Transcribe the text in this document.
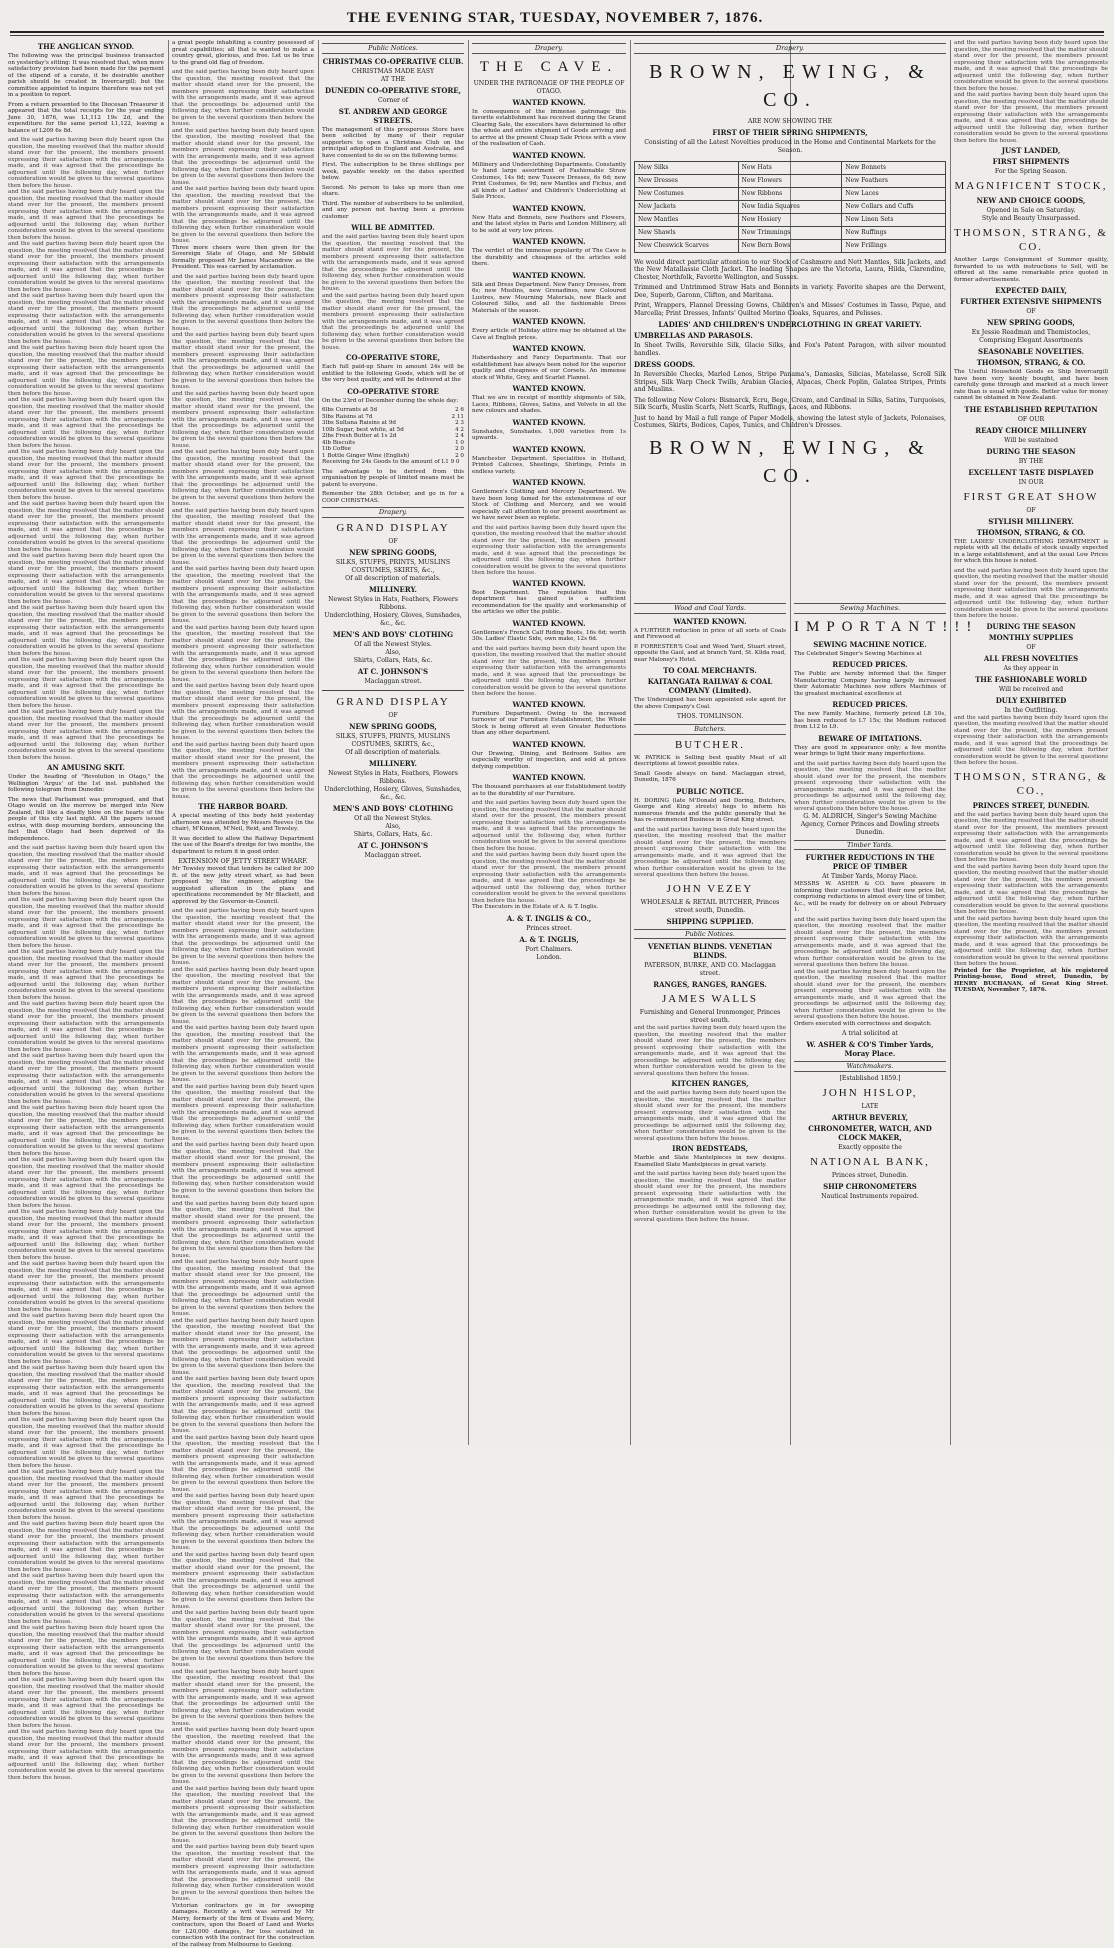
THE EVENING STAR, TUESDAY, NOVEMBER 7, 1876.
THE ANGLICAN SYNOD.

The following was the principal business transacted on yesterday's sitting: It was resolved that, when more satisfactory provision had been made for the payment of the stipend of a curate, it be desirable another parish should be created in Invercargill; but the committee appointed to inquire therefore was not yet in a position to report.

From a return presented to the Diocesan Treasurer it appeared that the total receipts for the year ending June 30, 1876, was L1,112 19s 2d, and the expenditure for the same period L1,122, leaving a balance of L209 6s 8d.

and the said parties having been duly heard upon the question, the meeting resolved that the matter should stand over for the present, the members present expressing their satisfaction with the arrangements made, and it was agreed that the proceedings be adjourned until the following day, when further consideration would be given to the several questions then before the house.

and the said parties having been duly heard upon the question, the meeting resolved that the matter should stand over for the present, the members present expressing their satisfaction with the arrangements made, and it was agreed that the proceedings be adjourned until the following day, when further consideration would be given to the several questions then before the house.

and the said parties having been duly heard upon the question, the meeting resolved that the matter should stand over for the present, the members present expressing their satisfaction with the arrangements made, and it was agreed that the proceedings be adjourned until the following day, when further consideration would be given to the several questions then before the house.

and the said parties having been duly heard upon the question, the meeting resolved that the matter should stand over for the present, the members present expressing their satisfaction with the arrangements made, and it was agreed that the proceedings be adjourned until the following day, when further consideration would be given to the several questions then before the house.

and the said parties having been duly heard upon the question, the meeting resolved that the matter should stand over for the present, the members present expressing their satisfaction with the arrangements made, and it was agreed that the proceedings be adjourned until the following day, when further consideration would be given to the several questions then before the house.

and the said parties having been duly heard upon the question, the meeting resolved that the matter should stand over for the present, the members present expressing their satisfaction with the arrangements made, and it was agreed that the proceedings be adjourned until the following day, when further consideration would be given to the several questions then before the house.

and the said parties having been duly heard upon the question, the meeting resolved that the matter should stand over for the present, the members present expressing their satisfaction with the arrangements made, and it was agreed that the proceedings be adjourned until the following day, when further consideration would be given to the several questions then before the house.

and the said parties having been duly heard upon the question, the meeting resolved that the matter should stand over for the present, the members present expressing their satisfaction with the arrangements made, and it was agreed that the proceedings be adjourned until the following day, when further consideration would be given to the several questions then before the house.

and the said parties having been duly heard upon the question, the meeting resolved that the matter should stand over for the present, the members present expressing their satisfaction with the arrangements made, and it was agreed that the proceedings be adjourned until the following day, when further consideration would be given to the several questions then before the house.

and the said parties having been duly heard upon the question, the meeting resolved that the matter should stand over for the present, the members present expressing their satisfaction with the arrangements made, and it was agreed that the proceedings be adjourned until the following day, when further consideration would be given to the several questions then before the house.

and the said parties having been duly heard upon the question, the meeting resolved that the matter should stand over for the present, the members present expressing their satisfaction with the arrangements made, and it was agreed that the proceedings be adjourned until the following day, when further consideration would be given to the several questions then before the house.

and the said parties having been duly heard upon the question, the meeting resolved that the matter should stand over for the present, the members present expressing their satisfaction with the arrangements made, and it was agreed that the proceedings be adjourned until the following day, when further consideration would be given to the several questions then before the house.

AN AMUSING SKIT.

Under the heading of "Revolution in Otago," the Wellington 'Argus' of the 1st inst. published the following telegram from Dunedin:

The news that Parliament was prorogued, and that Otago would on the morrow be merged into New Zealand, fell like a deadly blow on the hearts of the people of this city last night. All the papers issued extras, with deep mourning borders, announcing the fact that Otago had been deprived of its independence.

and the said parties having been duly heard upon the question, the meeting resolved that the matter should stand over for the present, the members present expressing their satisfaction with the arrangements made, and it was agreed that the proceedings be adjourned until the following day, when further consideration would be given to the several questions then before the house.

and the said parties having been duly heard upon the question, the meeting resolved that the matter should stand over for the present, the members present expressing their satisfaction with the arrangements made, and it was agreed that the proceedings be adjourned until the following day, when further consideration would be given to the several questions then before the house.

and the said parties having been duly heard upon the question, the meeting resolved that the matter should stand over for the present, the members present expressing their satisfaction with the arrangements made, and it was agreed that the proceedings be adjourned until the following day, when further consideration would be given to the several questions then before the house.

and the said parties having been duly heard upon the question, the meeting resolved that the matter should stand over for the present, the members present expressing their satisfaction with the arrangements made, and it was agreed that the proceedings be adjourned until the following day, when further consideration would be given to the several questions then before the house.

and the said parties having been duly heard upon the question, the meeting resolved that the matter should stand over for the present, the members present expressing their satisfaction with the arrangements made, and it was agreed that the proceedings be adjourned until the following day, when further consideration would be given to the several questions then before the house.

and the said parties having been duly heard upon the question, the meeting resolved that the matter should stand over for the present, the members present expressing their satisfaction with the arrangements made, and it was agreed that the proceedings be adjourned until the following day, when further consideration would be given to the several questions then before the house.

and the said parties having been duly heard upon the question, the meeting resolved that the matter should stand over for the present, the members present expressing their satisfaction with the arrangements made, and it was agreed that the proceedings be adjourned until the following day, when further consideration would be given to the several questions then before the house.

and the said parties having been duly heard upon the question, the meeting resolved that the matter should stand over for the present, the members present expressing their satisfaction with the arrangements made, and it was agreed that the proceedings be adjourned until the following day, when further consideration would be given to the several questions then before the house.

and the said parties having been duly heard upon the question, the meeting resolved that the matter should stand over for the present, the members present expressing their satisfaction with the arrangements made, and it was agreed that the proceedings be adjourned until the following day, when further consideration would be given to the several questions then before the house.

and the said parties having been duly heard upon the question, the meeting resolved that the matter should stand over for the present, the members present expressing their satisfaction with the arrangements made, and it was agreed that the proceedings be adjourned until the following day, when further consideration would be given to the several questions then before the house.

and the said parties having been duly heard upon the question, the meeting resolved that the matter should stand over for the present, the members present expressing their satisfaction with the arrangements made, and it was agreed that the proceedings be adjourned until the following day, when further consideration would be given to the several questions then before the house.

and the said parties having been duly heard upon the question, the meeting resolved that the matter should stand over for the present, the members present expressing their satisfaction with the arrangements made, and it was agreed that the proceedings be adjourned until the following day, when further consideration would be given to the several questions then before the house.

and the said parties having been duly heard upon the question, the meeting resolved that the matter should stand over for the present, the members present expressing their satisfaction with the arrangements made, and it was agreed that the proceedings be adjourned until the following day, when further consideration would be given to the several questions then before the house.

and the said parties having been duly heard upon the question, the meeting resolved that the matter should stand over for the present, the members present expressing their satisfaction with the arrangements made, and it was agreed that the proceedings be adjourned until the following day, when further consideration would be given to the several questions then before the house.

and the said parties having been duly heard upon the question, the meeting resolved that the matter should stand over for the present, the members present expressing their satisfaction with the arrangements made, and it was agreed that the proceedings be adjourned until the following day, when further consideration would be given to the several questions then before the house.

and the said parties having been duly heard upon the question, the meeting resolved that the matter should stand over for the present, the members present expressing their satisfaction with the arrangements made, and it was agreed that the proceedings be adjourned until the following day, when further consideration would be given to the several questions then before the house.

and the said parties having been duly heard upon the question, the meeting resolved that the matter should stand over for the present, the members present expressing their satisfaction with the arrangements made, and it was agreed that the proceedings be adjourned until the following day, when further consideration would be given to the several questions then before the house.

and the said parties having been duly heard upon the question, the meeting resolved that the matter should stand over for the present, the members present expressing their satisfaction with the arrangements made, and it was agreed that the proceedings be adjourned until the following day, when further consideration would be given to the several questions then before the house.

a great people inhabiting a country possessed of great capabilities; all that is wanted to make a country great, glorious, and free. Let us be true to the grand old flag of freedom.

and the said parties having been duly heard upon the question, the meeting resolved that the matter should stand over for the present, the members present expressing their satisfaction with the arrangements made, and it was agreed that the proceedings be adjourned until the following day, when further consideration would be given to the several questions then before the house.

and the said parties having been duly heard upon the question, the meeting resolved that the matter should stand over for the present, the members present expressing their satisfaction with the arrangements made, and it was agreed that the proceedings be adjourned until the following day, when further consideration would be given to the several questions then before the house.

and the said parties having been duly heard upon the question, the meeting resolved that the matter should stand over for the present, the members present expressing their satisfaction with the arrangements made, and it was agreed that the proceedings be adjourned until the following day, when further consideration would be given to the several questions then before the house.

Three more cheers were then given for the Sovereign State of Otago, and Mr Sibbald formally proposed Mr James Macandrew as the President. This was carried by acclamation.

and the said parties having been duly heard upon the question, the meeting resolved that the matter should stand over for the present, the members present expressing their satisfaction with the arrangements made, and it was agreed that the proceedings be adjourned until the following day, when further consideration would be given to the several questions then before the house.

and the said parties having been duly heard upon the question, the meeting resolved that the matter should stand over for the present, the members present expressing their satisfaction with the arrangements made, and it was agreed that the proceedings be adjourned until the following day, when further consideration would be given to the several questions then before the house.

and the said parties having been duly heard upon the question, the meeting resolved that the matter should stand over for the present, the members present expressing their satisfaction with the arrangements made, and it was agreed that the proceedings be adjourned until the following day, when further consideration would be given to the several questions then before the house.

and the said parties having been duly heard upon the question, the meeting resolved that the matter should stand over for the present, the members present expressing their satisfaction with the arrangements made, and it was agreed that the proceedings be adjourned until the following day, when further consideration would be given to the several questions then before the house.

and the said parties having been duly heard upon the question, the meeting resolved that the matter should stand over for the present, the members present expressing their satisfaction with the arrangements made, and it was agreed that the proceedings be adjourned until the following day, when further consideration would be given to the several questions then before the house.

and the said parties having been duly heard upon the question, the meeting resolved that the matter should stand over for the present, the members present expressing their satisfaction with the arrangements made, and it was agreed that the proceedings be adjourned until the following day, when further consideration would be given to the several questions then before the house.

and the said parties having been duly heard upon the question, the meeting resolved that the matter should stand over for the present, the members present expressing their satisfaction with the arrangements made, and it was agreed that the proceedings be adjourned until the following day, when further consideration would be given to the several questions then before the house.

and the said parties having been duly heard upon the question, the meeting resolved that the matter should stand over for the present, the members present expressing their satisfaction with the arrangements made, and it was agreed that the proceedings be adjourned until the following day, when further consideration would be given to the several questions then before the house.

and the said parties having been duly heard upon the question, the meeting resolved that the matter should stand over for the present, the members present expressing their satisfaction with the arrangements made, and it was agreed that the proceedings be adjourned until the following day, when further consideration would be given to the several questions then before the house.

THE HARBOR BOARD.

A special meeting of this body held yesterday afternoon was attended by Messrs Reeves (in the chair), M'Kinnon, M'Neil, Reid, and Tewsley.

It was decided to allow the Railway Department the use of the Board's dredge for two months, the department to return it in good order.

EXTENSION OF JETTY STREET WHARF.

Mr Tewsley moved that tenders be called for 300 ft. of the new jetty street wharf, as had been proposed by the engineer, adopting the suggested alteration in the plans and specifications recommended by Mr Blackett, and approved by the Governor-in-Council.

and the said parties having been duly heard upon the question, the meeting resolved that the matter should stand over for the present, the members present expressing their satisfaction with the arrangements made, and it was agreed that the proceedings be adjourned until the following day, when further consideration would be given to the several questions then before the house.

and the said parties having been duly heard upon the question, the meeting resolved that the matter should stand over for the present, the members present expressing their satisfaction with the arrangements made, and it was agreed that the proceedings be adjourned until the following day, when further consideration would be given to the several questions then before the house.

and the said parties having been duly heard upon the question, the meeting resolved that the matter should stand over for the present, the members present expressing their satisfaction with the arrangements made, and it was agreed that the proceedings be adjourned until the following day, when further consideration would be given to the several questions then before the house.

and the said parties having been duly heard upon the question, the meeting resolved that the matter should stand over for the present, the members present expressing their satisfaction with the arrangements made, and it was agreed that the proceedings be adjourned until the following day, when further consideration would be given to the several questions then before the house.

and the said parties having been duly heard upon the question, the meeting resolved that the matter should stand over for the present, the members present expressing their satisfaction with the arrangements made, and it was agreed that the proceedings be adjourned until the following day, when further consideration would be given to the several questions then before the house.

and the said parties having been duly heard upon the question, the meeting resolved that the matter should stand over for the present, the members present expressing their satisfaction with the arrangements made, and it was agreed that the proceedings be adjourned until the following day, when further consideration would be given to the several questions then before the house.

and the said parties having been duly heard upon the question, the meeting resolved that the matter should stand over for the present, the members present expressing their satisfaction with the arrangements made, and it was agreed that the proceedings be adjourned until the following day, when further consideration would be given to the several questions then before the house.

and the said parties having been duly heard upon the question, the meeting resolved that the matter should stand over for the present, the members present expressing their satisfaction with the arrangements made, and it was agreed that the proceedings be adjourned until the following day, when further consideration would be given to the several questions then before the house.

and the said parties having been duly heard upon the question, the meeting resolved that the matter should stand over for the present, the members present expressing their satisfaction with the arrangements made, and it was agreed that the proceedings be adjourned until the following day, when further consideration would be given to the several questions then before the house.

and the said parties having been duly heard upon the question, the meeting resolved that the matter should stand over for the present, the members present expressing their satisfaction with the arrangements made, and it was agreed that the proceedings be adjourned until the following day, when further consideration would be given to the several questions then before the house.

and the said parties having been duly heard upon the question, the meeting resolved that the matter should stand over for the present, the members present expressing their satisfaction with the arrangements made, and it was agreed that the proceedings be adjourned until the following day, when further consideration would be given to the several questions then before the house.

and the said parties having been duly heard upon the question, the meeting resolved that the matter should stand over for the present, the members present expressing their satisfaction with the arrangements made, and it was agreed that the proceedings be adjourned until the following day, when further consideration would be given to the several questions then before the house.

and the said parties having been duly heard upon the question, the meeting resolved that the matter should stand over for the present, the members present expressing their satisfaction with the arrangements made, and it was agreed that the proceedings be adjourned until the following day, when further consideration would be given to the several questions then before the house.

and the said parties having been duly heard upon the question, the meeting resolved that the matter should stand over for the present, the members present expressing their satisfaction with the arrangements made, and it was agreed that the proceedings be adjourned until the following day, when further consideration would be given to the several questions then before the house.

and the said parties having been duly heard upon the question, the meeting resolved that the matter should stand over for the present, the members present expressing their satisfaction with the arrangements made, and it was agreed that the proceedings be adjourned until the following day, when further consideration would be given to the several questions then before the house.

and the said parties having been duly heard upon the question, the meeting resolved that the matter should stand over for the present, the members present expressing their satisfaction with the arrangements made, and it was agreed that the proceedings be adjourned until the following day, when further consideration would be given to the several questions then before the house.

and the said parties having been duly heard upon the question, the meeting resolved that the matter should stand over for the present, the members present expressing their satisfaction with the arrangements made, and it was agreed that the proceedings be adjourned until the following day, when further consideration would be given to the several questions then before the house.

Victorian contractors go in for sweeping damages. Recently a writ was served by Mr Merry, formerly of the firm of Evans and Merry, contractors, upon the Board of Land and Works for L20,000 damages, for loss sustained in connection with the contract for the construction of the railway from Melbourne to Geelong.

Public Notices.
CHRISTMAS CO-OPERATIVE CLUB.
CHRISTMAS MADE EASY
AT THE
DUNEDIN CO-OPERATIVE STORE,
Corner of
ST. ANDREW AND GEORGE STREETS.

The management of this prosperous Store have been solicited by many of their regular supporters to open a Christmas Club on the principal adopted in England and Australia, and have consented to do so on the following terms:

First. The subscription to be three shillings per week, payable weekly on the dates specified below.

Second. No person to take up more than one share.

Third. The number of subscribers to be unlimited, and any person not having been a previous customer

WILL BE ADMITTED.

and the said parties having been duly heard upon the question, the meeting resolved that the matter should stand over for the present, the members present expressing their satisfaction with the arrangements made, and it was agreed that the proceedings be adjourned until the following day, when further consideration would be given to the several questions then before the house.

and the said parties having been duly heard upon the question, the meeting resolved that the matter should stand over for the present, the members present expressing their satisfaction with the arrangements made, and it was agreed that the proceedings be adjourned until the following day, when further consideration would be given to the several questions then before the house.

CO-OPERATIVE STORE,

Each full paid-up Share in amount 24s will be entitled to the following Goods, which will be of the very best quality, and will be delivered at the

CO-OPERATIVE STORE

On the 23rd of December during the whole day:

6lbs Currants at 5d	2 6
5lbs Raisins at 7d	2 11
3lbs Sultana Raisins at 9d	2 3
10lb Sugar, best white, at 5d	4 2
2lbs Fresh Butter at 1s 2d	2 4
4lb Biscuits	1 0
1lb Coffee	2 0
1 Bottle Ginger Wine (English)	2 0

Receiving for 24s Goods to the amount of L1 9 0

The advantage to be derived from this organisation by people of limited means must be patent to everyone.

Remember the 28th October, and go in for a COOP CHRISTMAS.

Drapery.
GRAND DISPLAY
OF
NEW SPRING GOODS,
SILKS, STUFFS, PRINTS, MUSLINS COSTUMES, SKIRTS, &c.,
Of all description of materials.
MILLINERY.
Newest Styles in Hats, Feathers, Flowers Ribbons.
Underclothing, Hosiery, Gloves, Sunshades, &c., &c.
MEN'S AND BOYS' CLOTHING
Of all the Newest Styles.
Also,
Shirts, Collars, Hats, &c.
AT C. JOHNSON'S
Maclaggan street.
GRAND DISPLAY
OF
NEW SPRING GOODS,
SILKS, STUFFS, PRINTS, MUSLINS COSTUMES, SKIRTS, &c.,
Of all description of materials.
MILLINERY.
Newest Styles in Hats, Feathers, Flowers Ribbons.
Underclothing, Hosiery, Gloves, Sunshades, &c., &c.
MEN'S AND BOYS' CLOTHING
Of all the Newest Styles.
Also,
Shirts, Collars, Hats, &c.
AT C. JOHNSON'S
Maclaggan street.
Drapery.
THE CAVE.
UNDER THE PATRONAGE OF THE PEOPLE OF OTAGO.
WANTED KNOWN.

In consequence of the immense patronage this favorite establishment has received during the Grand Clearing Sale, the executors have determined to offer the whole and entire shipment of Goods arriving and to arrive at the present Cheap Sale Prices with a view of the realisation of Cash.

WANTED KNOWN.

Millinery and Underclothing Departments. Constantly to hand large assortment of Fashionable Straw Costumes, 14s 6d; new Tussore Dresses, 6s 6d; new Print Costumes, 6s 9d; new Mantles and Fichus, and all kinds of Ladies' and Children's Underclothing at Sale Prices.

WANTED KNOWN.

New Hats and Bonnets, new Feathers and Flowers, and the latest styles in Paris and London Millinery, all to be sold at very low prices.

WANTED KNOWN.

The verdict of the immense popularity of The Cave is the durability and cheapness of the articles sold there.

WANTED KNOWN.

Silk and Dress Department. New Fancy Dresses, from 6s; new Muslins, new Grenadines, new Coloured Lustres, new Mourning Materials, new Black and Coloured Silks, and all the fashionable Dress Materials of the season.

WANTED KNOWN.

Every article of Holiday attire may be obtained at the Cave at English prices.

WANTED KNOWN.

Haberdashery and Fancy Departments. That our establishment has always been noted for the superior quality and cheapness of our Corsets. An immense stock of White, Grey, and Scarlet Flannel.

WANTED KNOWN.

That we are in receipt of monthly shipments of Silk, Laces, Ribbons, Gloves, Satins, and Velvets in all the new colours and shades.

WANTED KNOWN.

Sunshades, Sunshades. 1,000 varieties from 1s upwards.

WANTED KNOWN.

Manchester Department. Specialities in Holland, Printed Calicoes, Sheetings, Shirtings, Prints in endless variety.

WANTED KNOWN.

Gentlemen's Clothing and Mercery Department. We have been long famed for the extensiveness of our Stock of Clothing and Mercery, and we would especially call attention to our present assortment as we have never been so replete.

and the said parties having been duly heard upon the question, the meeting resolved that the matter should stand over for the present, the members present expressing their satisfaction with the arrangements made, and it was agreed that the proceedings be adjourned until the following day, when further consideration would be given to the several questions then before the house.

WANTED KNOWN.

Boot Department. The reputation that this department has gained is a sufficient recommendation for the quality and workmanship of the articles we offer the public.

WANTED KNOWN.

Gentlemen's French Calf Riding Boots, 16s 6d; worth 30s. Ladies' Elastic Side, own make, 12s 6d.

and the said parties having been duly heard upon the question, the meeting resolved that the matter should stand over for the present, the members present expressing their satisfaction with the arrangements made, and it was agreed that the proceedings be adjourned until the following day, when further consideration would be given to the several questions then before the house.

WANTED KNOWN.

Furniture Department. Owing to the increased turnover of our Furniture Establishment, the Whole Stock is being offered at even Greater Reductions than any other department.

WANTED KNOWN.

Our Drawing, Dining, and Bedroom Suites are especially worthy of inspection, and sold at prices defying competition.

WANTED KNOWN.

The thousand purchasers at our Establishment testify as to the durability of our Furniture.

and the said parties having been duly heard upon the question, the meeting resolved that the matter should stand over for the present, the members present expressing their satisfaction with the arrangements made, and it was agreed that the proceedings be adjourned until the following day, when further consideration would be given to the several questions then before the house.

and the said parties having been duly heard upon the question, the meeting resolved that the matter should stand over for the present, the members present expressing their satisfaction with the arrangements made, and it was agreed that the proceedings be adjourned until the following day, when further consideration would be given to the several questions then before the house.

The Executors in the Estate of A. & T. Inglis.

A. & T. INGLIS & CO.,
Princes street.
A. & T. INGLIS,
Port Chalmers.
London.
Drapery.
BROWN, EWING, & CO.
ARE NOW SHOWING THE
FIRST OF THEIR SPRING SHIPMENTS,
Consisting of all the Latest Novelties produced in the Home and Continental Markets for the Season.
New Silks	New Hats	New Bonnets
New Dresses	New Flowers	New Feathers
New Costumes	New Ribbons	New Laces
New Jackets	New India Squares	New Collars and Cuffs
New Mantles	New Hosiery	New Linen Sets
New Shawls	New Trimmings	New Ruffings
New Cheswick Scarves	New Bern Bows	New Frillings

We would direct particular attention to our Stock of Cashmere and Nett Mantles, Silk Jackets, and the New Matallassie Cloth Jacket. The leading Shapes are the Victoria, Laura, Hilda, Clarendine, Chester, Northfolk, Favorite Wellington, and Sussex.

Trimmed and Untrimmed Straw Hats and Bonnets in variety. Favorite shapes are the Derwent, Dee, Superb, Garonn, Clifton, and Maritana.

Print, Wrappers, Flannel Dressing Gowns, Children's and Misses' Costumes in Tasso, Pique, and Marcella; Print Dresses, Infants' Quilted Merino Cloaks, Squares, and Pelisses.

LADIES' AND CHILDREN'S UNDERCLOTHING IN GREAT VARIETY.
UMBRELLAS AND PARASOLS.

In Sheet Twills, Reversible Silk, Glacie Silks, and Fox's Patent Paragon, with silver mounted handles.

DRESS GOODS.

In Reversible Checks, Marled Lenos, Stripe Panama's, Damasks, Silicias, Matelasse, Scroll Silk Stripes, Silk Warp Check Twills, Arabian Glacies, Alpacas, Check Poplin, Galatea Stripes, Prints and Muslins.

The following New Colors: Bismarck, Ecru, Bege, Cream, and Cardinal in Silks, Satins, Turquoises, Silk Scarfs, Muslin Scarfs, Nett Scarfs, Ruffings, Laces, and Ribbons.

Just to hand by Mail a full range of Paper Models, showing the latest style of Jackets, Polonaises, Costumes, Skirts, Bodices, Capes, Tunics, and Children's Dresses.

BROWN, EWING, & CO.
Wood and Coal Yards.
WANTED KNOWN.

A FURTHER reduction in price of all sorts of Coals and Firewood at

P. FORRESTER'S Coal and Wood Yard, Stuart street, opposite the Gaol, and at branch Yard, St. Kilda road, near Maloney's Hotel.

TO COAL MERCHANTS.
KAITANGATA RAILWAY & COAL COMPANY (Limited).

The Undersigned has been appointed sole agent for the above Company's Coal.

THOS. TOMLINSON.
Butchers.
BUTCHER.

W. PATRICK is Selling best quality Meat of all descriptions at lowest possible rates.

Small Goods always on hand. Maclaggan street, Dunedin, 1876

PUBLIC NOTICE.

H. DORING (late M'Donald and Doring, Butchers, George and King streets) begs to inform his numerous friends and the public generally that he has re-commenced Business in Great King street.

and the said parties having been duly heard upon the question, the meeting resolved that the matter should stand over for the present, the members present expressing their satisfaction with the arrangements made, and it was agreed that the proceedings be adjourned until the following day, when further consideration would be given to the several questions then before the house.

JOHN VEZEY
WHOLESALE & RETAIL BUTCHER, Princes street south, Dunedin.
SHIPPING SUPPLIED.
Public Notices.
VENETIAN BLINDS. VENETIAN BLINDS.
PATERSON, BURKE, AND CO. Maclaggan street.
RANGES, RANGES, RANGES.
JAMES WALLS
Furnishing and General Ironmonger, Princes street south.

and the said parties having been duly heard upon the question, the meeting resolved that the matter should stand over for the present, the members present expressing their satisfaction with the arrangements made, and it was agreed that the proceedings be adjourned until the following day, when further consideration would be given to the several questions then before the house.

KITCHEN RANGES,

and the said parties having been duly heard upon the question, the meeting resolved that the matter should stand over for the present, the members present expressing their satisfaction with the arrangements made, and it was agreed that the proceedings be adjourned until the following day, when further consideration would be given to the several questions then before the house.

IRON BEDSTEADS,

Marble and Slate Mantelpieces in new designs. Enamelled Slate Mantelpieces in great variety.

and the said parties having been duly heard upon the question, the meeting resolved that the matter should stand over for the present, the members present expressing their satisfaction with the arrangements made, and it was agreed that the proceedings be adjourned until the following day, when further consideration would be given to the several questions then before the house.

Sewing Machines.
IMPORTANT!!!
SEWING MACHINE NOTICE.

The Celebrated Singer's Sewing Machines at

REDUCED PRICES.

The Public are hereby informed that the Singer Manufacturing Company having largely increased their Automatic Machines now offers Machines of the greatest mechanical excellence at

REDUCED PRICES.

The new Family Machine, formerly priced L8 10s, has been reduced to L7 15s; the Medium reduced from L12 to L9.

BEWARE OF IMITATIONS.

They are good in appearance only; a few months wear brings to light their many imperfections.

and the said parties having been duly heard upon the question, the meeting resolved that the matter should stand over for the present, the members present expressing their satisfaction with the arrangements made, and it was agreed that the proceedings be adjourned until the following day, when further consideration would be given to the several questions then before the house.

G. M. ALDRICH, Singer's Sewing Machine Agency, Corner Princes and Dowling streets Dunedin.
Timber Yards.
FURTHER REDUCTIONS IN THE PRICE OF TIMBER
At Timber Yards, Moray Place.

MESSRS W. ASHER & CO. have pleasure in informing their customers that their new price list, comprising reductions in almost every line of timber, &c., will be ready for delivery on or about February 1.

and the said parties having been duly heard upon the question, the meeting resolved that the matter should stand over for the present, the members present expressing their satisfaction with the arrangements made, and it was agreed that the proceedings be adjourned until the following day, when further consideration would be given to the several questions then before the house.

and the said parties having been duly heard upon the question, the meeting resolved that the matter should stand over for the present, the members present expressing their satisfaction with the arrangements made, and it was agreed that the proceedings be adjourned until the following day, when further consideration would be given to the several questions then before the house.

Orders executed with correctness and despatch.

A trial solicited at
W. ASHER & CO'S Timber Yards, Moray Place.
Watchmakers.
[Established 1859.]
JOHN HISLOP,
LATE
ARTHUR BEVERLY,
CHRONOMETER, WATCH, AND CLOCK MAKER,
Exactly opposite the
NATIONAL BANK,
Princes street, Dunedin.
SHIP CHRONOMETERS
Nautical Instruments repaired.

and the said parties having been duly heard upon the question, the meeting resolved that the matter should stand over for the present, the members present expressing their satisfaction with the arrangements made, and it was agreed that the proceedings be adjourned until the following day, when further consideration would be given to the several questions then before the house.

and the said parties having been duly heard upon the question, the meeting resolved that the matter should stand over for the present, the members present expressing their satisfaction with the arrangements made, and it was agreed that the proceedings be adjourned until the following day, when further consideration would be given to the several questions then before the house.

JUST LANDED,
FIRST SHIPMENTS
For the Spring Season.
MAGNIFICENT STOCK,
NEW AND CHOICE GOODS,
Opened in Sale on Saturday.
Style and Beauty Unsurpassed.
THOMSON, STRANG, & CO.

Another Large Consignment of Summer quality, forwarded to us with instructions to Sell, will be offered at the same remarkable price quoted in former advertisements.

EXPECTED DAILY,
FURTHER EXTENSIVE SHIPMENTS
OF
NEW SPRING GOODS,
Ex Jessie Readman and Themistocles, Comprising Elegant Assortments
SEASONABLE NOVELTIES.
THOMSON, STRANG, & CO.

The Useful Household Goods ex Ship Invercargill have been very keenly bought, and have been carefully gone through and marked at a much lower rate than is usual with goods. Better value for money cannot be obtained in New Zealand.

THE ESTABLISHED REPUTATION
OF OUR
READY CHOICE MILLINERY
Will be sustained
DURING THE SEASON
BY THE
EXCELLENT TASTE DISPLAYED
IN OUR
FIRST GREAT SHOW
OF
STYLISH MILLINERY.
THOMSON, STRANG, & CO.

THE LADIES' UNDERCLOTHING DEPARTMENT is replete with all the details of stock usually expected in a large establishment, and at the usual Low Prices for which this house is noted.

and the said parties having been duly heard upon the question, the meeting resolved that the matter should stand over for the present, the members present expressing their satisfaction with the arrangements made, and it was agreed that the proceedings be adjourned until the following day, when further consideration would be given to the several questions then before the house.

DURING THE SEASON
MONTHLY SUPPLIES
OF
ALL FRESH NOVELTIES
As they appear in
THE FASHIONABLE WORLD
Will be received and
DULY EXHIBITED
In the Outfitting.

and the said parties having been duly heard upon the question, the meeting resolved that the matter should stand over for the present, the members present expressing their satisfaction with the arrangements made, and it was agreed that the proceedings be adjourned until the following day, when further consideration would be given to the several questions then before the house.

THOMSON, STRANG, & CO.,
PRINCES STREET, DUNEDIN.

and the said parties having been duly heard upon the question, the meeting resolved that the matter should stand over for the present, the members present expressing their satisfaction with the arrangements made, and it was agreed that the proceedings be adjourned until the following day, when further consideration would be given to the several questions then before the house.

and the said parties having been duly heard upon the question, the meeting resolved that the matter should stand over for the present, the members present expressing their satisfaction with the arrangements made, and it was agreed that the proceedings be adjourned until the following day, when further consideration would be given to the several questions then before the house.

and the said parties having been duly heard upon the question, the meeting resolved that the matter should stand over for the present, the members present expressing their satisfaction with the arrangements made, and it was agreed that the proceedings be adjourned until the following day, when further consideration would be given to the several questions then before the house.

Printed for the Proprietor, at his registered Printing-house, Bond street, Dunedin, by HENRY BUCHANAN, of Great King Street. TUESDAY, November 7, 1876.
